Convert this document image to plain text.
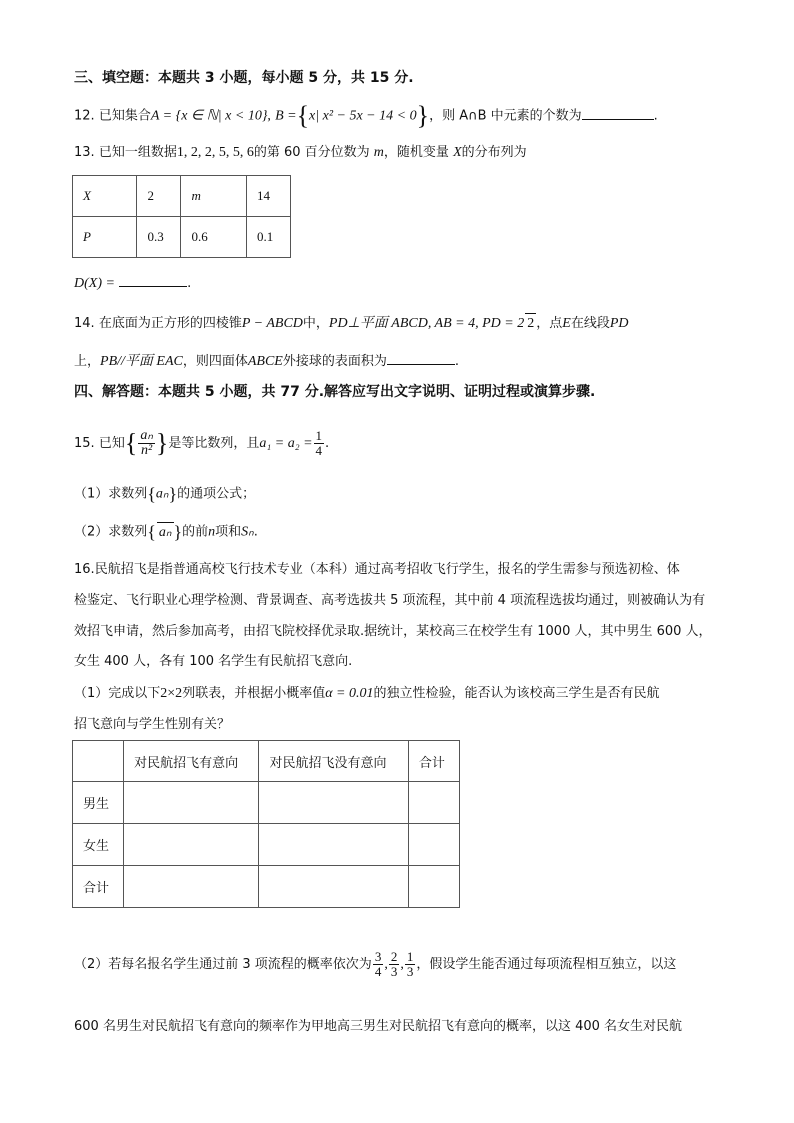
三、填空题：本题共 3 小题，每小题 5 分，共 15 分.
12. 已知集合A = {x ∈ ℕ| x < 10}, B ={x| x² − 5x − 14 < 0}，则 A∩B 中元素的个数为	.
13. 已知一组数据1, 2, 2, 5, 5, 6的第 60 百分位数为 m，随机变量 X的分布列为
X	2	m	14
P	0.3	0.6	0.1
D(X) =	.
14. 在底面为正方形的四棱锥P − ABCD中，PD⊥平面 ABCD, AB = 4, PD = 2 2 ，点E在线段PD
上，PB//平面 EAC，则四面体ABCE外接球的表面积为	.
四、解答题：本题共 5 小题，共 77 分.解答应写出文字说明、证明过程或演算步骤.
15. 已知{ $\frac{\text{aₙ}}{\text{n²}}$ }是等比数列，且$a_1 = a_2 = \frac{1}{4}$ .
（1）求数列{aₙ}的通项公式；
（2）求数列{ aₙ }的前n项和Sₙ.
16.民航招飞是指普通高校飞行技术专业（本科）通过高考招收飞行学生，报名的学生需参与预选初检、体
检鉴定、飞行职业心理学检测、背景调查、高考选拔共 5 项流程，其中前 4 项流程选拔均通过，则被确认为有
效招飞申请，然后参加高考，由招飞院校择优录取.据统计，某校高三在校学生有 1000 人，其中男生 600 人，
女生 400 人，各有 100 名学生有民航招飞意向.
（1）完成以下2×2列联表，并根据小概率值α = 0.01的独立性检验，能否认为该校高三学生是否有民航
招飞意向与学生性别有关？
	对民航招飞有意向	对民航招飞没有意向	合计
男生			
女生			
合计			
（2）若每名报名学生通过前 3 项流程的概率依次为 $\frac{3}{4}$ , $\frac{2}{3}$ , $\frac{1}{3}$ ，假设学生能否通过每项流程相互独立，以这
600 名男生对民航招飞有意向的频率作为甲地高三男生对民航招飞有意向的概率，以这 400 名女生对民航
